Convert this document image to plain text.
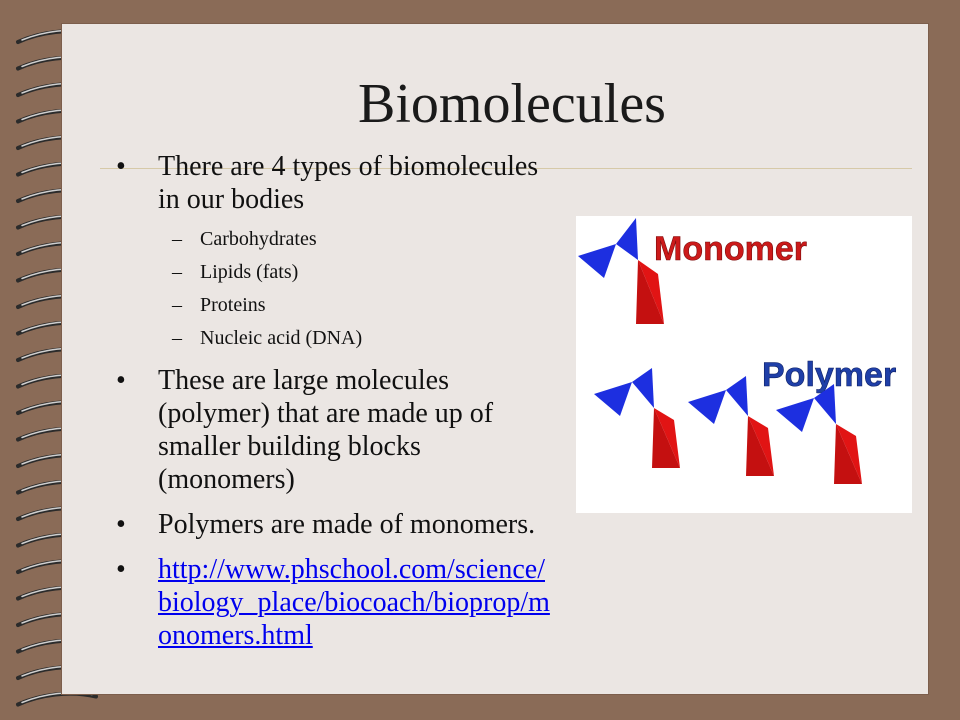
Biomolecules
• There are 4 types of biomolecules in our bodies
– Carbohydrates
– Lipids (fats)
– Proteins
– Nucleic acid (DNA)
• These are large molecules (polymer) that are made up of smaller building blocks (monomers)
• Polymers are made of monomers.
• http://www.phschool.com/science/biology_place/biocoach/bioprop/monomers.html
Monomer
Polymer
